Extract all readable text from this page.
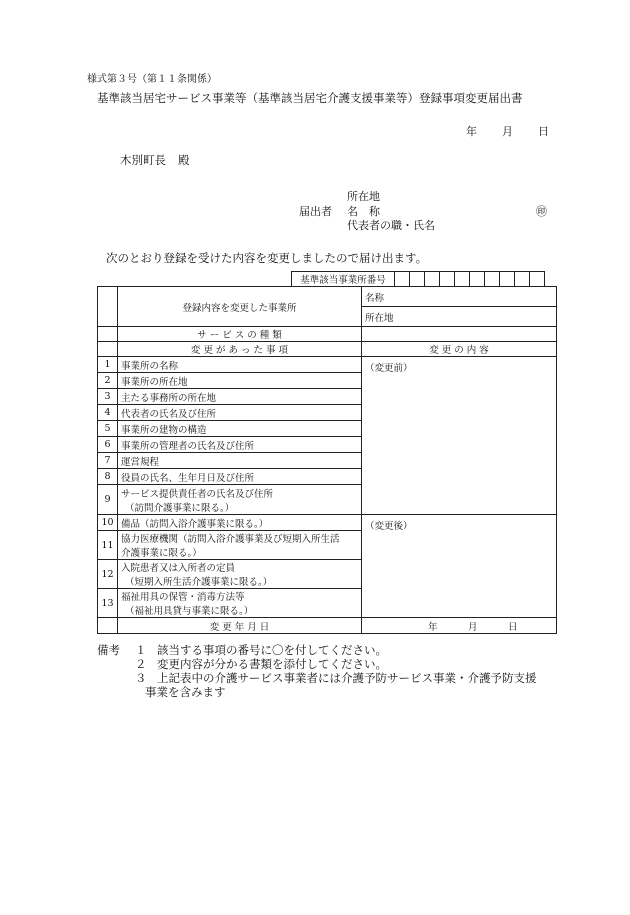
様式第３号（第１１条関係）
基準該当居宅サービス事業等（基準該当居宅介護支援事業等）登録事項変更届出書
年 月 日
木別町長 殿
所在地
届出者 名　称	㊞
代表者の職・氏名
次のとおり登録を受けた内容を変更しましたので届け出ます。
基準該当事業所番号										
	登録内容を変更した事業所	名称
		所在地
	サ ー ビ ス の 種 類	
	変 更 が あ っ た 事 項	変 更 の 内 容
1	事業所の名称	（変更前）
2	事業所の所在地	
3	主たる事務所の所在地	
4	代表者の氏名及び住所	
5	事業所の建物の構造	
6	事業所の管理者の氏名及び住所	
7	運営規程	
8	役員の氏名、生年月日及び住所	
9	サービス提供責任者の氏名及び住所
（訪問介護事業に限る。）	

10	備品（訪問入浴介護事業に限る。）	（変更後）
11	協力医療機関（訪問入浴介護事業及び短期入所生活
介護事業に限る。）	

12	入院患者又は入所者の定員
（短期入所生活介護事業に限る。）	

13	福祉用具の保管・消毒方法等
（福祉用具貸与事業に限る。）	

	変 更 年 月 日	年 月 日
備考 １ 該当する事項の番号に〇を付してください。
２ 変更内容が分かる書類を添付してください。
３ 上記表中の介護サービス事業者には介護予防サービス事業・介護予防支援
事業を含みます
